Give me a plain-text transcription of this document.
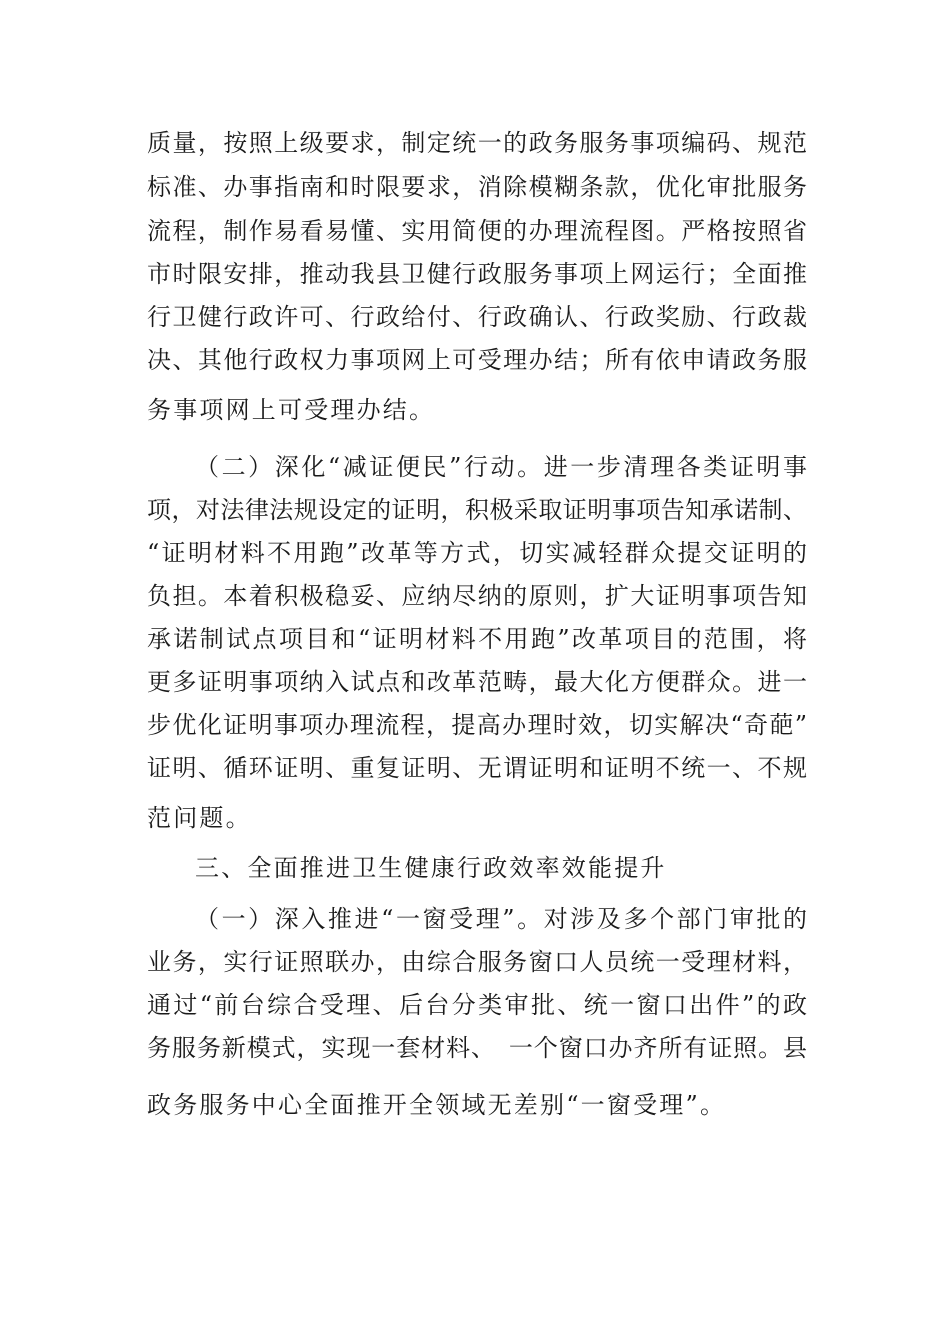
质量，按照上级要求，制定统一的政务服务事项编码、规范
标准、办事指南和时限要求，消除模糊条款，优化审批服务
流程，制作易看易懂、实用简便的办理流程图。严格按照省
市时限安排，推动我县卫健行政服务事项上网运行；全面推
行卫健行政许可、行政给付、行政确认、行政奖励、行政裁
决、其他行政权力事项网上可受理办结；所有依申请政务服
务事项网上可受理办结。
（二）深化“减证便民”行动。进一步清理各类证明事
项，对法律法规设定的证明，积极采取证明事项告知承诺制、
“证明材料不用跑”改革等方式，切实减轻群众提交证明的
负担。本着积极稳妥、应纳尽纳的原则，扩大证明事项告知
承诺制试点项目和“证明材料不用跑”改革项目的范围，将
更多证明事项纳入试点和改革范畴，最大化方便群众。进一
步优化证明事项办理流程，提高办理时效，切实解决“奇葩”
证明、循环证明、重复证明、无谓证明和证明不统一、不规
范问题。
三、全面推进卫生健康行政效率效能提升
（一）深入推进“一窗受理”。对涉及多个部门审批的
业务，实行证照联办，由综合服务窗口人员统一受理材料，
通过“前台综合受理、后台分类审批、统一窗口出件”的政
务服务新模式，实现一套材料、　一个窗口办齐所有证照。县
政务服务中心全面推开全领域无差别“一窗受理”。
